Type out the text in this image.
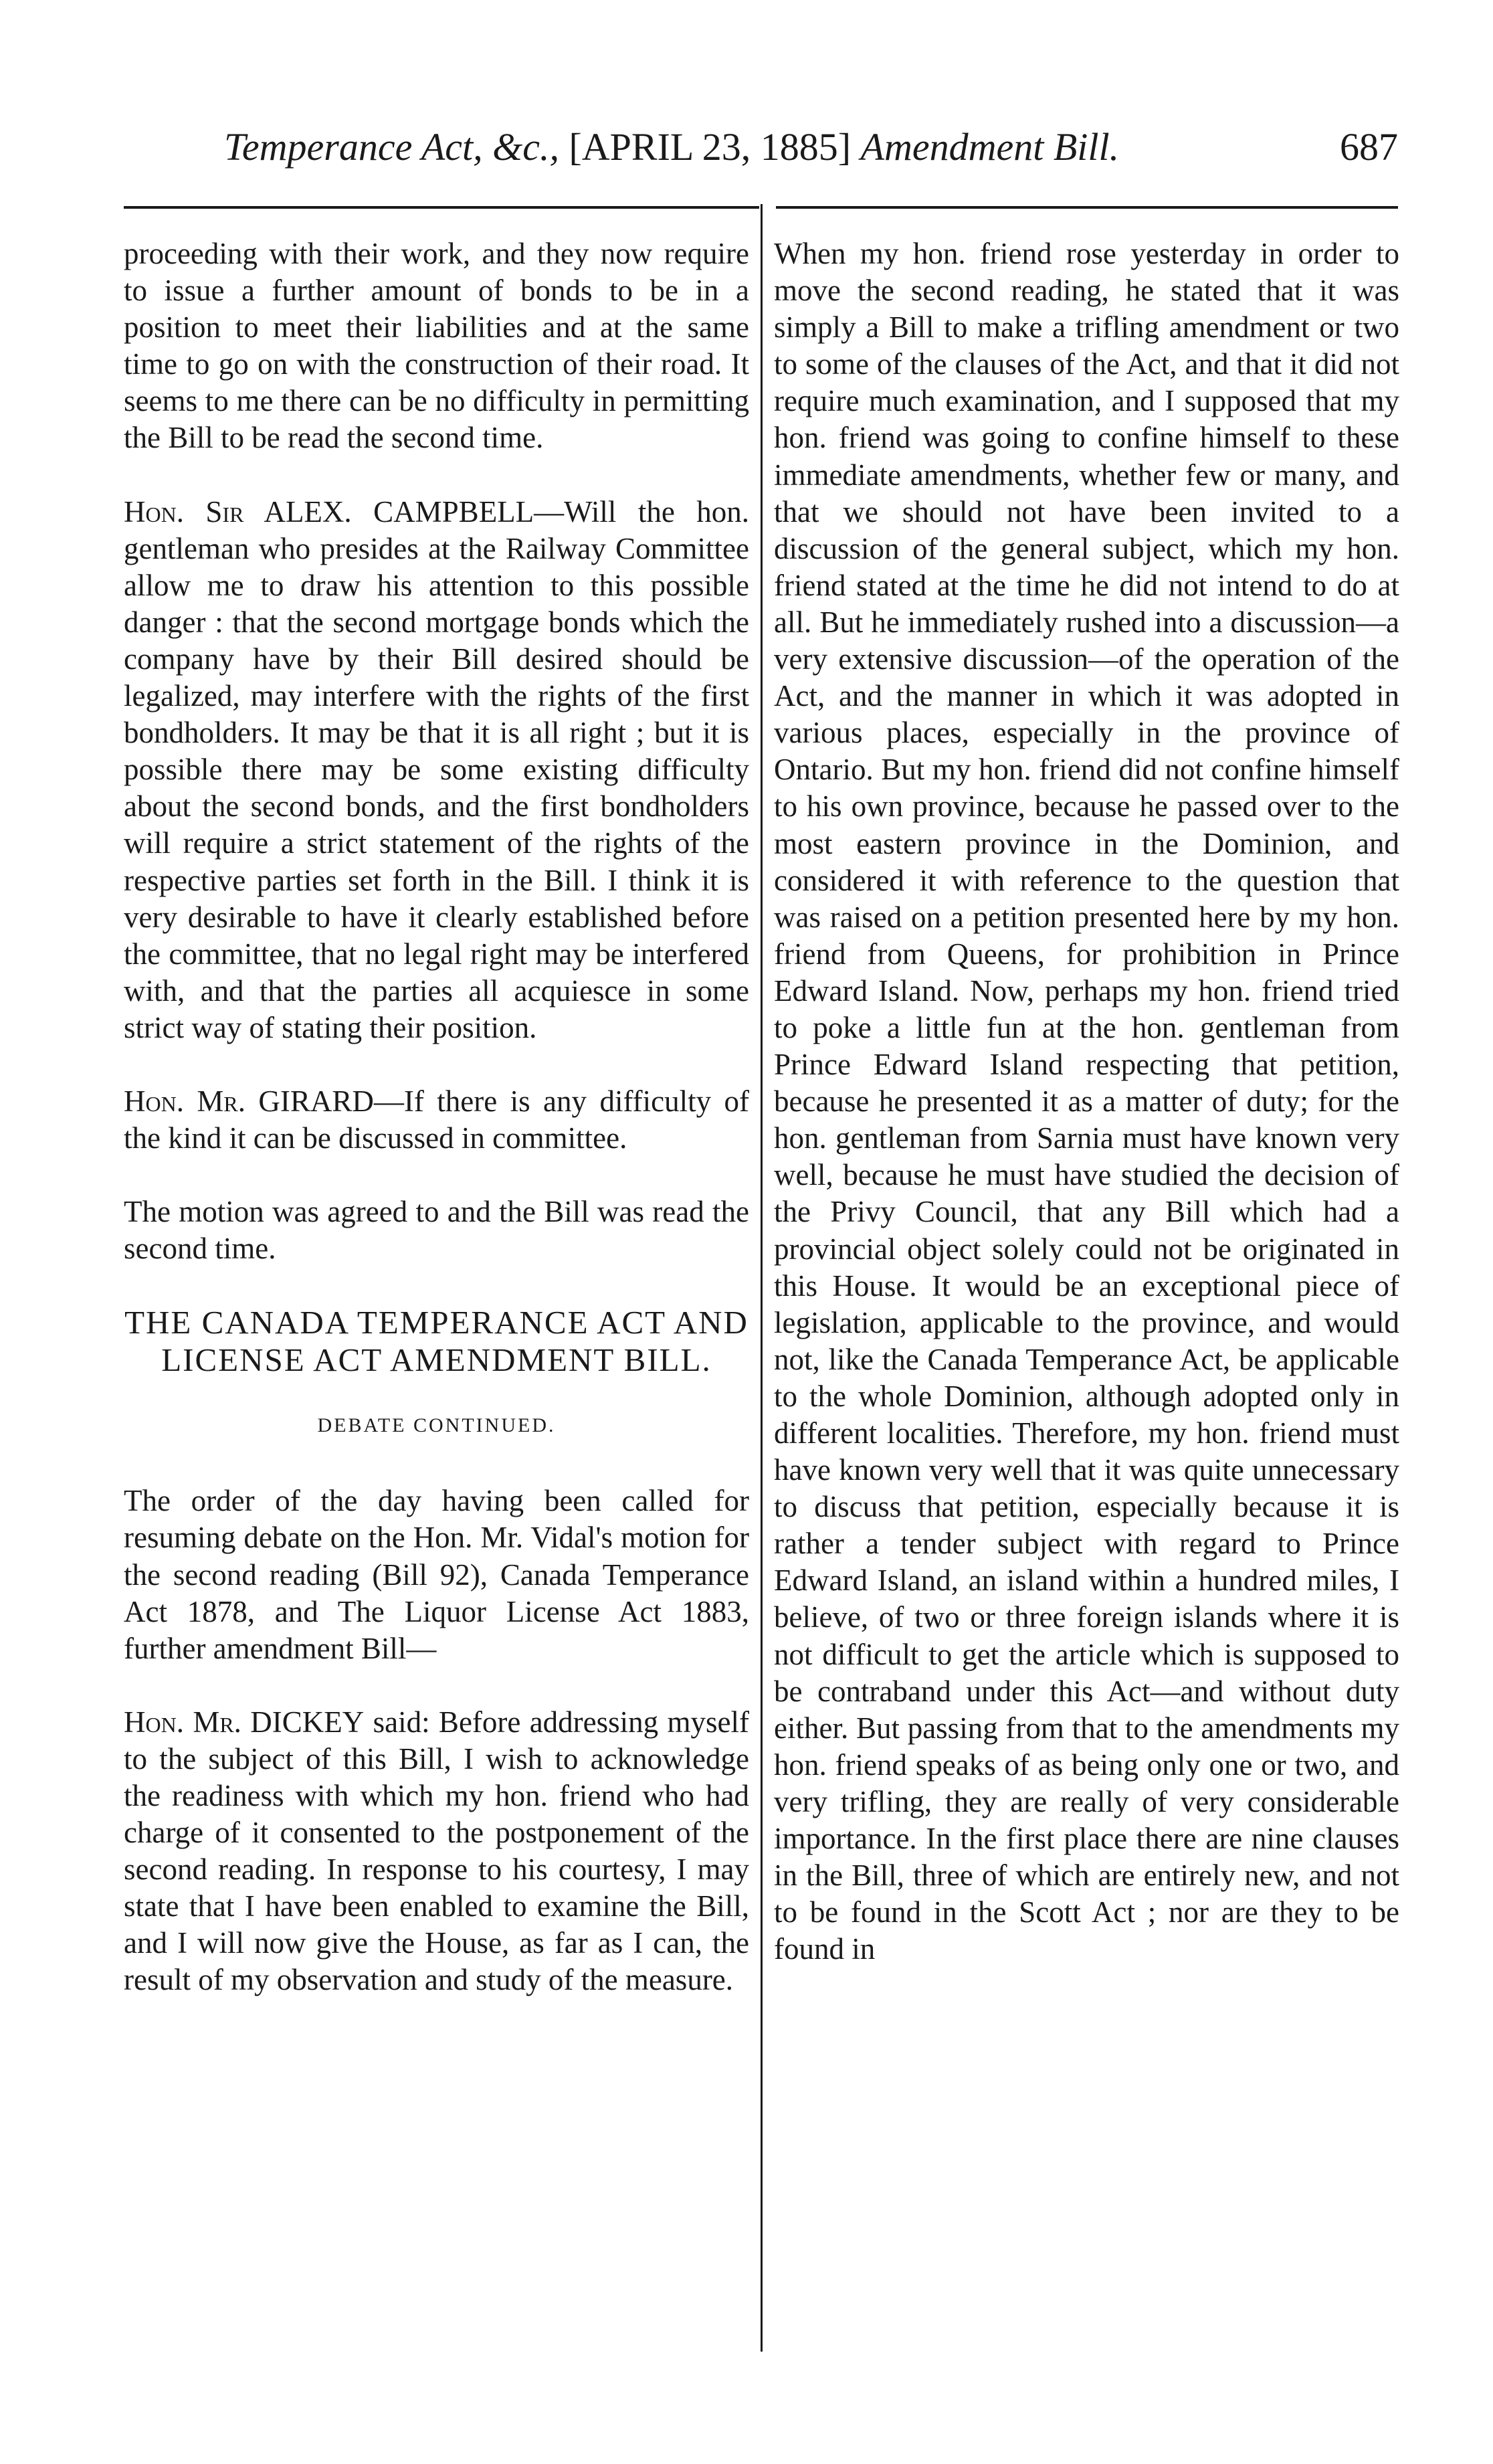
Temperance Act, &c., [APRIL 23, 1885] Amendment Bill.	687

proceeding with their work, and they now require to issue a further amount of bonds to be in a position to meet their liabilities and at the same time to go on with the construction of their road. It seems to me there can be no difficulty in permitting the Bill to be read the second time.

Hon. Sir ALEX. CAMPBELL—Will the hon. gentleman who presides at the Railway Committee allow me to draw his attention to this possible danger : that the second mortgage bonds which the company have by their Bill desired should be legalized, may interfere with the rights of the first bondholders. It may be that it is all right ; but it is possible there may be some existing difficulty about the second bonds, and the first bondholders will require a strict statement of the rights of the respective parties set forth in the Bill. I think it is very desirable to have it clearly established before the committee, that no legal right may be interfered with, and that the parties all acquiesce in some strict way of stating their position.

Hon. Mr. GIRARD—If there is any difficulty of the kind it can be discussed in committee.

The motion was agreed to and the Bill was read the second time.

THE CANADA TEMPERANCE ACT AND LICENSE ACT AMENDMENT BILL.
DEBATE CONTINUED.

The order of the day having been called for resuming debate on the Hon. Mr. Vidal's motion for the second reading (Bill 92), Canada Temperance Act 1878, and The Liquor License Act 1883, further amendment Bill—

Hon. Mr. DICKEY said: Before addressing myself to the subject of this Bill, I wish to acknowledge the readiness with which my hon. friend who had charge of it consented to the postponement of the second reading. In response to his courtesy, I may state that I have been enabled to examine the Bill, and I will now give the House, as far as I can, the result of my observation and study of the measure.

When my hon. friend rose yesterday in order to move the second reading, he stated that it was simply a Bill to make a trifling amendment or two to some of the clauses of the Act, and that it did not require much examination, and I supposed that my hon. friend was going to confine himself to these immediate amendments, whether few or many, and that we should not have been invited to a discussion of the general subject, which my hon. friend stated at the time he did not intend to do at all. But he immediately rushed into a discussion—a very extensive discussion—of the operation of the Act, and the manner in which it was adopted in various places, especially in the province of Ontario. But my hon. friend did not confine himself to his own province, because he passed over to the most eastern province in the Dominion, and considered it with reference to the question that was raised on a petition presented here by my hon. friend from Queens, for prohibition in Prince Edward Island. Now, perhaps my hon. friend tried to poke a little fun at the hon. gentleman from Prince Edward Island respecting that petition, because he presented it as a matter of duty; for the hon. gentleman from Sarnia must have known very well, because he must have studied the decision of the Privy Council, that any Bill which had a provincial object solely could not be originated in this House. It would be an exceptional piece of legislation, applicable to the province, and would not, like the Canada Temperance Act, be applicable to the whole Dominion, although adopted only in different localities. Therefore, my hon. friend must have known very well that it was quite unnecessary to discuss that petition, especially because it is rather a tender subject with regard to Prince Edward Island, an island within a hundred miles, I believe, of two or three foreign islands where it is not difficult to get the article which is supposed to be contraband under this Act—and without duty either. But passing from that to the amendments my hon. friend speaks of as being only one or two, and very trifling, they are really of very considerable importance. In the first place there are nine clauses in the Bill, three of which are entirely new, and not to be found in the Scott Act ; nor are they to be found in
